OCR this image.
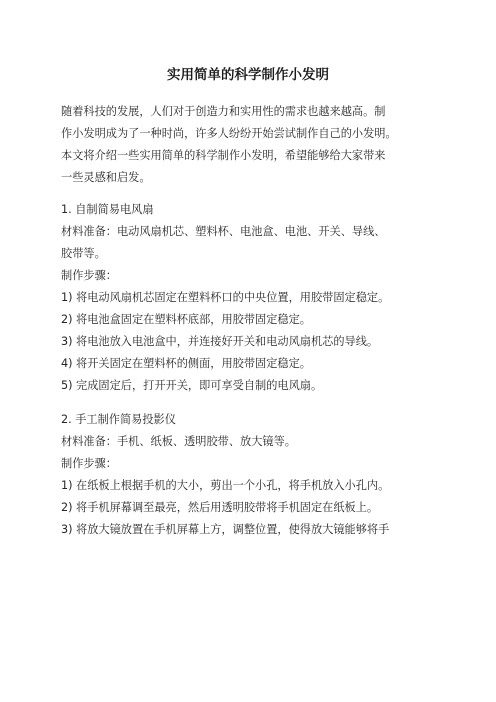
实用简单的科学制作小发明

随着科技的发展，人们对于创造力和实用性的需求也越来越高。制

作小发明成为了一种时尚，许多人纷纷开始尝试制作自己的小发明。

本文将介绍一些实用简单的科学制作小发明，希望能够给大家带来

一些灵感和启发。

1. 自制简易电风扇

材料准备：电动风扇机芯、塑料杯、电池盒、电池、开关、导线、

胶带等。

制作步骤：

1) 将电动风扇机芯固定在塑料杯口的中央位置，用胶带固定稳定。

2) 将电池盒固定在塑料杯底部，用胶带固定稳定。

3) 将电池放入电池盒中，并连接好开关和电动风扇机芯的导线。

4) 将开关固定在塑料杯的侧面，用胶带固定稳定。

5) 完成固定后，打开开关，即可享受自制的电风扇。

2. 手工制作简易投影仪

材料准备：手机、纸板、透明胶带、放大镜等。

制作步骤：

1) 在纸板上根据手机的大小，剪出一个小孔，将手机放入小孔内。

2) 将手机屏幕调至最亮，然后用透明胶带将手机固定在纸板上。

3) 将放大镜放置在手机屏幕上方，调整位置，使得放大镜能够将手
